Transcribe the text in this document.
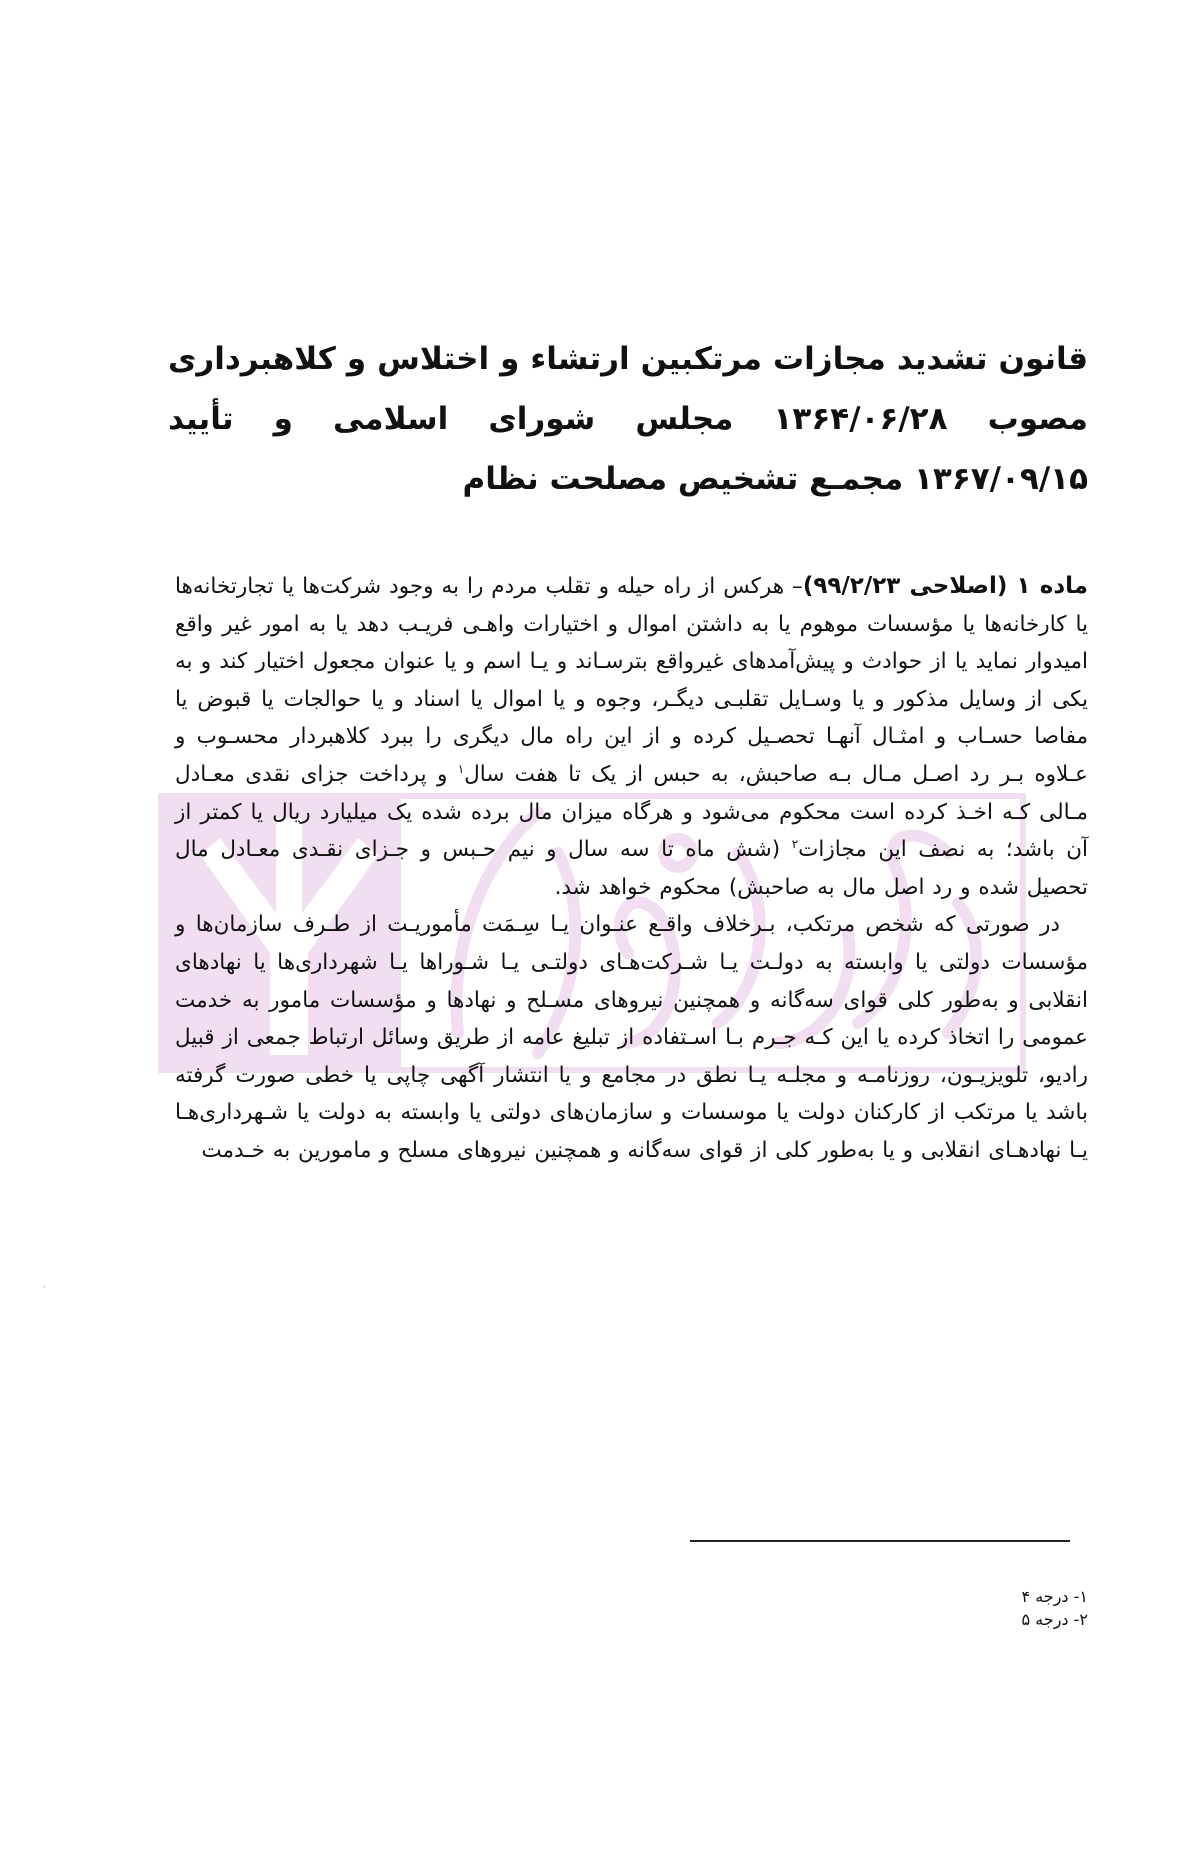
قانون تشدید مجازات مرتکبین ارتشاء و اختلاس و کلاهبرداری مصوب ۱۳۶۴/۰۶/۲۸ مجلس شورای اسلامی و تأیید ۱۳۶۷/۰۹/۱۵ مجمـع تشخیص مصلحت نظام

ماده ۱ (اصلاحی ۹۹/۲/۲۳)– هرکس از راه حیله و تقلب مردم را به وجود شرکت‌ها یا تجارتخانه‌ها یا کارخانه‌ها یا مؤسسات موهوم یا به داشتن اموال و اختیارات واهـی فریـب دهد یا به امور غیر واقع امیدوار نماید یا از حوادث و پیش‌آمدهای غیرواقع بترسـاند و یـا اسم و یا عنوان مجعول اختیار کند و به یکی از وسایل مذکور و یا وسـایل تقلبـی دیگـر، وجوه و یا اموال یا اسناد و یا حوالجات یا قبوض یا مفاصا حسـاب و امثـال آنهـا تحصـیل کرده و از این راه مال دیگری را ببرد کلاهبردار محسـوب و عـلاوه بـر رد اصـل مـال بـه صاحبش، به حبس از یک تا هفت سال$^۱$ و پرداخت جزای نقدی معـادل مـالی کـه اخـذ کرده است محکوم می‌شود و هرگاه میزان مال برده شده یک میلیارد ریال یا کمتر از آن باشد؛ به نصف این مجازات$^۲$ (شش ماه تا سه سال و نیم حـبس و جـزای نقـدی معـادل مال تحصیل شده و رد اصل مال به صاحبش) محکوم خواهد شد.

در صورتی که شخص مرتکب، بـرخلاف واقـع عنـوان یـا سِـمَت مأموریـت از طـرف سازمان‌ها و مؤسسات دولتی یا وابسته به دولـت یـا شـرکت‌هـای دولتـی یـا شـوراها یـا شهرداری‌ها یا نهادهای انقلابی و به‌طور کلی قوای سه‌گانه و همچنین نیروهای مسـلح و نهادها و مؤسسات مامور به خدمت عمومی را اتخاذ کرده یا این کـه جـرم بـا اسـتفاده از تبلیغ عامه از طریق وسائل ارتباط جمعی از قبیل رادیو، تلویزیـون، روزنامـه و مجلـه یـا نطق در مجامع و یا انتشار آگهی چاپی یا خطی صورت گرفته باشد یا مرتکب از کارکنان دولت یا موسسات و سازمان‌های دولتی یا وابسته به دولت یا شـهرداری‌هـا یـا نهادهـای انقلابی و یا به‌طور کلی از قوای سه‌گانه و همچنین نیروهای مسلح و مامورین به خـدمت

۱- درجه ۴
۲- درجه ۵
